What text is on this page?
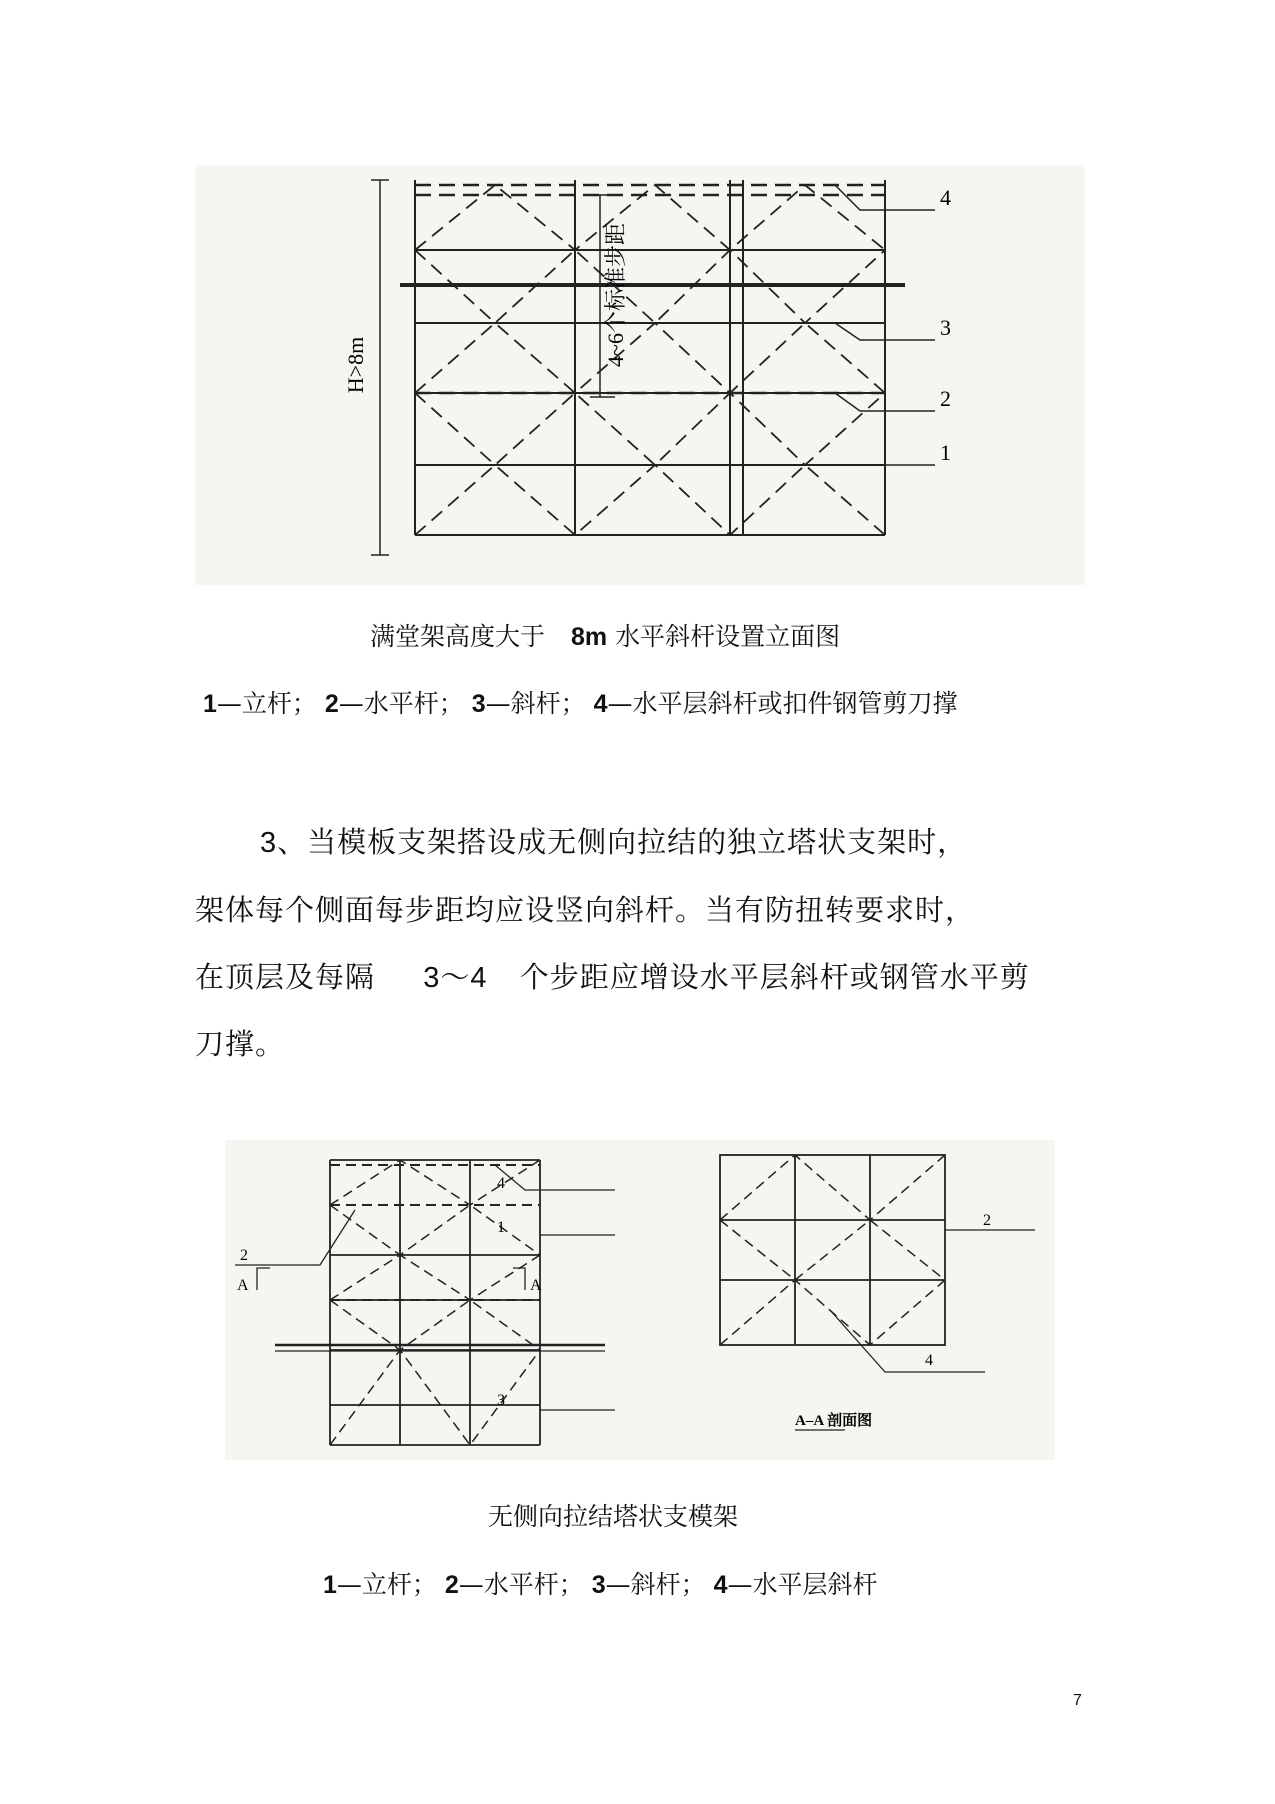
H>8m	4~6个标准步距
4
3
2
1
满堂架高度大于 8m 水平斜杆设置立面图
1—立杆； 2—水平杆； 3—斜杆； 4—水平层斜杆或扣件钢管剪刀撑
3、当模板支架搭设成无侧向拉结的独立塔状支架时，
架体每个侧面每步距均应设竖向斜杆。当有防扭转要求时，
在顶层及每隔 3～4 个步距应增设水平层斜杆或钢管水平剪
刀撑。
4
1
2
3
A	A
2
4
A–A 剖面图
无侧向拉结塔状支模架
1—立杆； 2—水平杆； 3—斜杆； 4—水平层斜杆
7
